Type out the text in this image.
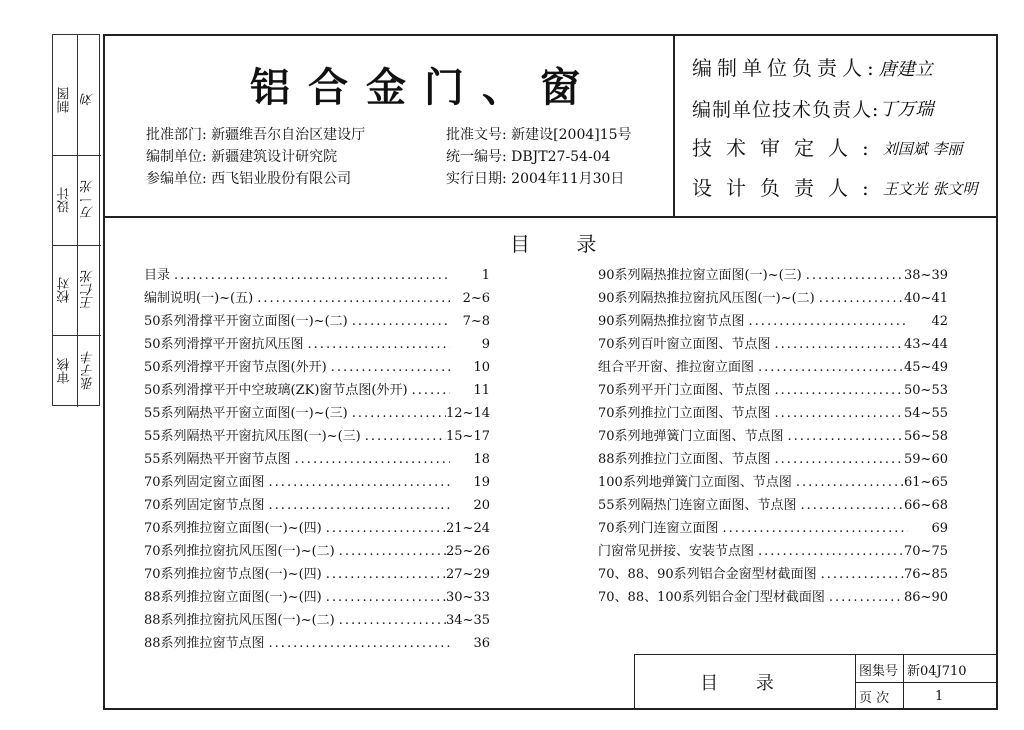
审核
校对
设计
制图
张子丰
王仁光
万一光
刘	铝合金门、窗
批准部门: 新疆维吾尔自治区建设厅
编制单位: 新疆建筑设计研究院
参编单位: 西飞铝业股份有限公司
批准文号: 新建设[2004]15号
统一编号: DBJT27-54-04
实行日期: 2004年11月30日
编制单位负责人: 唐建立
编制单位技术负责人: 丁万瑞
技术审定人: 刘国斌 李丽
设计负责人: 王文光 张文明
目 录
目录 .....	1
编制说明(一)~(五) .....	2~6
50系列滑撑平开窗立面图(一)~(二) .....	7~8
50系列滑撑平开窗抗风压图 .....	9
50系列滑撑平开窗节点图(外开) .....	10
50系列滑撑平开中空玻璃(ZK)窗节点图(外开) .....	11
55系列隔热平开窗立面图(一)~(三) .....	12~14
55系列隔热平开窗抗风压图(一)~(三) .....	15~17
55系列隔热平开窗节点图 .....	18
70系列固定窗立面图 .....	19
70系列固定窗节点图 .....	20
70系列推拉窗立面图(一)~(四) .....	21~24
70系列推拉窗抗风压图(一)~(二) .....	25~26
70系列推拉窗节点图(一)~(四) .....	27~29
88系列推拉窗立面图(一)~(四) .....	30~33
88系列推拉窗抗风压图(一)~(二) .....	34~35
88系列推拉窗节点图 .....	36
90系列隔热推拉窗立面图(一)~(三) .....	38~39
90系列隔热推拉窗抗风压图(一)~(二) .....	40~41
90系列隔热推拉窗节点图 .....	42
70系列百叶窗立面图、节点图 .....	43~44
组合平开窗、推拉窗立面图 .....	45~49
70系列平开门立面图、节点图 .....	50~53
70系列推拉门立面图、节点图 .....	54~55
70系列地弹簧门立面图、节点图 .....	56~58
88系列推拉门立面图、节点图 .....	59~60
100系列地弹簧门立面图、节点图 .....	61~65
55系列隔热门连窗立面图、节点图 .....	66~68
70系列门连窗立面图 .....	69
门窗常见拼接、安装节点图 .....	70~75
70、88、90系列铝合金窗型材截面图 .....	76~85
70、88、100系列铝合金门型材截面图 .....	86~90
目 录
图集号 新04J710
页 次	1
